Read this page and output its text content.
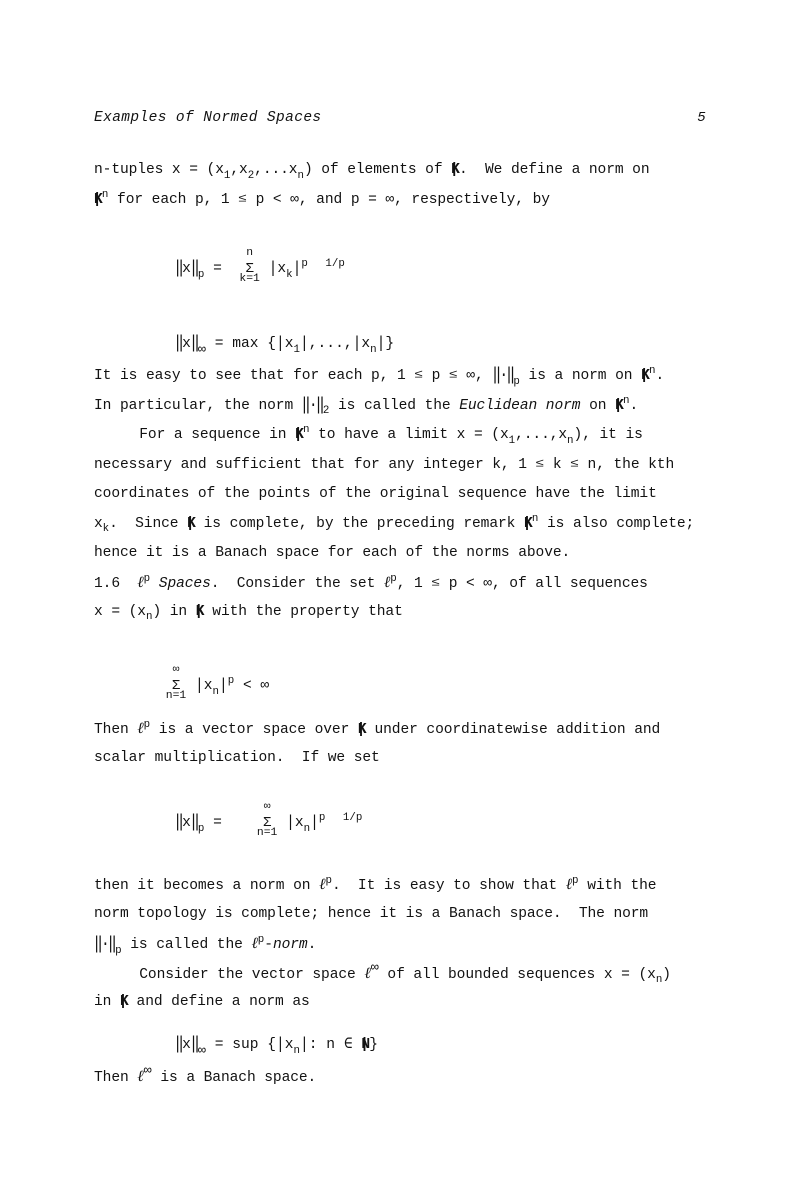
Examples of Normed Spaces	5
n-tuples $x = (x_1,x_2,...x_n)$ of elements of | K.  We define a norm on
| $K^n$ for each p, 1 ≤ p < ∞, and p = ∞, respectively, by

$‖x‖_p$ =
n
Σ
k=1
$|x_k|^p$ $^{1/p}$

‖x‖∞ = $\max \{|x_1|,...,|x_n|\}$

It is easy to see that for each p, 1 ≤ p ≤ ∞, $‖\cdot‖_p$ is a norm on | $K^n$.
In particular, the norm $‖\cdot‖_2$ is called the Euclidean norm on | $K^n$.
For a sequence in | $K^n$ to have a limit $x = (x_1,...,x_n)$, it is
necessary and sufficient that for any integer k, 1 ≤ k ≤ n, the kth
coordinates of the points of the original sequence have the limit
$x_k$.  Since | K is complete, by the preceding remark | $K^n$ is also complete;
hence it is a Banach space for each of the norms above.
1.6  ℓ$^p$ Spaces.  Consider the set ℓ$^p$, 1 ≤ p < ∞, of all sequences
$x = (x_n)$ in | K with the property that

∞
Σ
n=1
$|x_n|^p$ < ∞

Then ℓ$^p$ is a vector space over | K under coordinatewise addition and
scalar multiplication.  If we set

$‖x‖_p$ =
∞
Σ
n=1
$|x_n|^p$ $^{1/p}$

then it becomes a norm on ℓ$^p$.  It is easy to show that ℓ$^p$ with the
norm topology is complete; hence it is a Banach space.  The norm
$‖\cdot‖_p$ is called the ℓ$^p$-norm.
Consider the vector space ℓ∞ of all bounded sequences $x = (x_n)$
in | K and define a norm as

‖x‖∞ = sup {$|x_n|$: n ∈ | N}

Then ℓ∞ is a Banach space.
